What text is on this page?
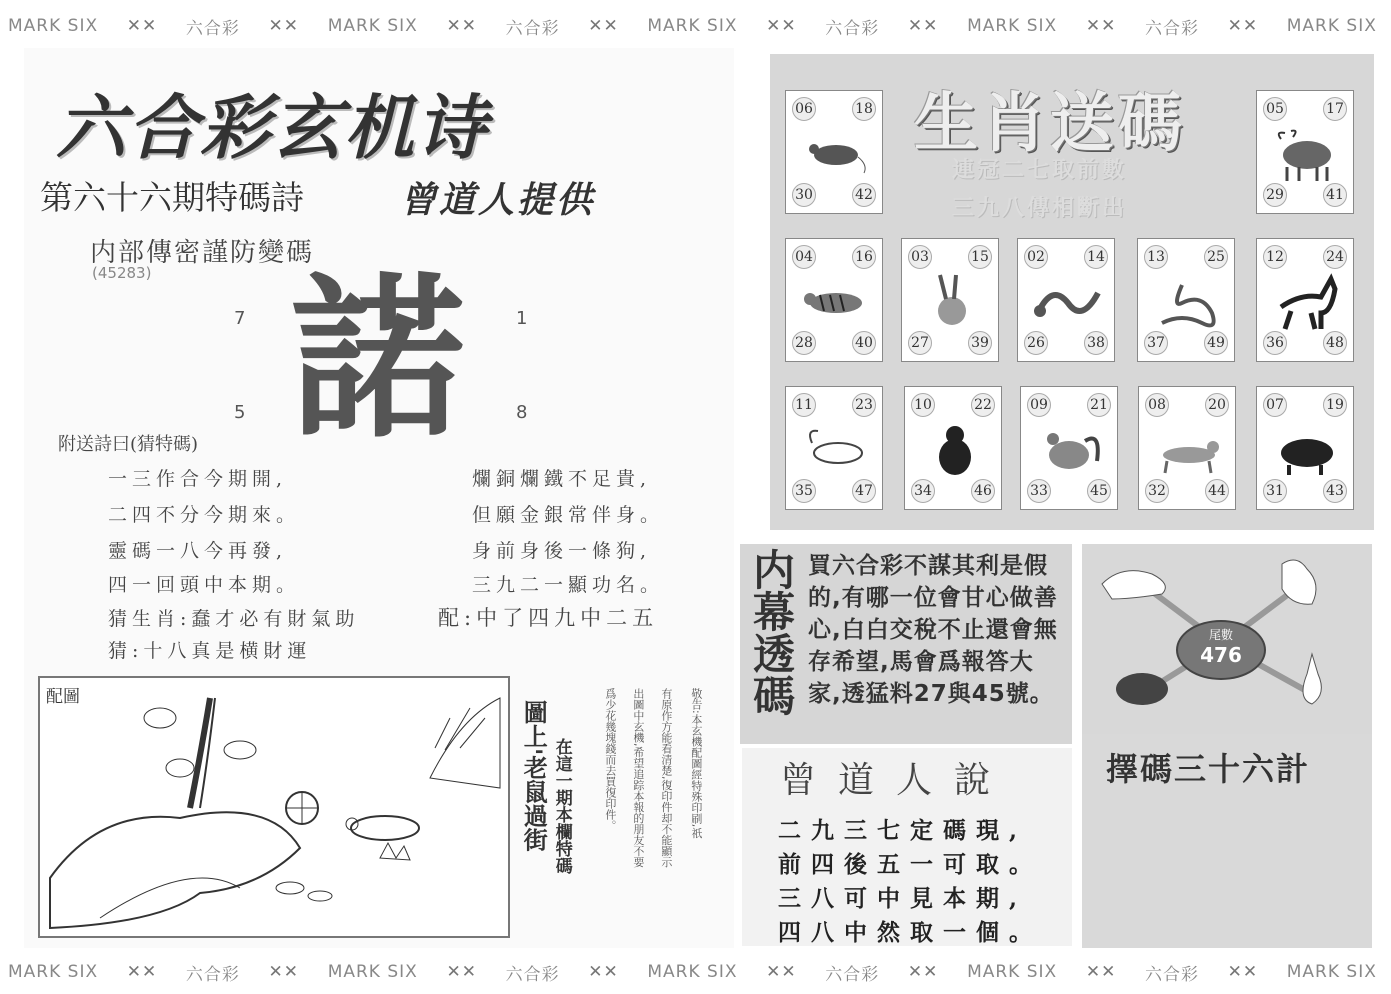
MARK SIX ✕✕ 六合彩 ✕✕ MARK SIX ✕✕ 六合彩 ✕✕ MARK SIX ✕✕ 六合彩 ✕✕ MARK SIX ✕✕ 六合彩 ✕✕ MARK SIX
MARK SIX ✕✕ 六合彩 ✕✕ MARK SIX ✕✕ 六合彩 ✕✕ MARK SIX ✕✕ 六合彩 ✕✕ MARK SIX ✕✕ 六合彩 ✕✕ MARK SIX
六合彩玄机诗
第六十六期特碼詩	曾道人提供
内部傳密謹防變碼
(45283) 諾
7	1
5	8
附送詩曰(猜特碼)
一三作合今期開,
二四不分今期來。
靈碼一八今再發,
四一回頭中本期。
爛銅爛鐵不足貴,
但願金銀常伴身。
身前身後一條狗,
三九二一顯功名。
猜生肖:蠢才必有財氣助	配:中了四九中二五
猜:十八真是横財運
配圖
圖上'老鼠過街 在這一期本欄特碼	敬告:本玄機配圖經特殊印刷,祇
有原作方能看清楚,復印件却不能顯示
出圖中玄機,希望追踪本報的朋友不要
爲少花幾塊錢而去買復印件。
生肖送碼
連冠二七取前數
三九八傳相斷出
06	18
30	42
05	17
29	41
04	16
28	40
03	15
27	39
02	14
26	38
13	25
37	49
12	24
36	48
11	23
35	47
10	22
34	46
09	21
33	45
08	20
32	44
07	19
31	43
内幕透碼 買六合彩不謀其利是假的,有哪一位會甘心做善心,白白交稅不止還會無存希望,馬會爲報答大家,透猛料27與45號。
曾道人說
二九三七定碼現,
前四後五一可取。
三八可中見本期,
四八中然取一個。
尾數
476
擇碼三十六計
